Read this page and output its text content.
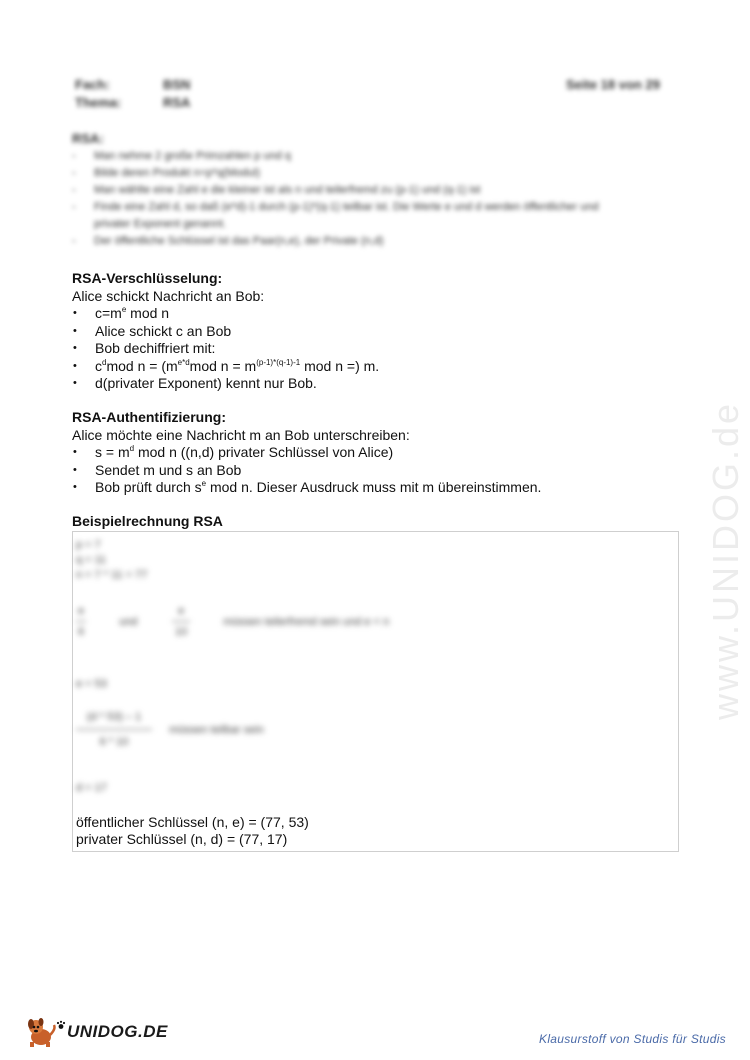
Fach:	BSN
Thema:	RSA
Seite 18 von 29
RSA:
- Man nehme 2 große Primzahlen p und q
- Bilde deren Produkt n=p*q(Modul)
- Man wählte eine Zahl e die kleiner ist als n und teilerfremd zu (p-1) und (q-1) ist
- Finde eine Zahl d, so daß (e*d)-1 durch (p-1)*(q-1) teilbar ist. Die Werte e und d werden öffentlicher und privater Exponent genannt.
- Der öffentliche Schlüssel ist das Paar(n,e), der Private (n,d)
RSA-Verschlüsselung:
Alice schickt Nachricht an Bob:
• $c=m^e$ mod n
• Alice schickt c an Bob
• Bob dechiffriert mit:
• $c^dmod$ $n = (m^{e*d}mod$ $n = m^{(p-1)*(q-1)-1}$ mod n =) m.
• d(privater Exponent) kennt nur Bob.
RSA-Authentifizierung:
Alice möchte eine Nachricht m an Bob unterschreiben:
• $s = m^d$ mod n ((n,d) privater Schlüssel von Alice)
• Sendet m und s an Bob
• Bob prüft durch $s^e$ mod n. Dieser Ausdruck muss mit m übereinstimmen.
Beispielrechnung RSA
p = 7
q = 11
n = 7 * 11 = 77
$\frac{e}{6}$	und	$\frac{e}{10}$	müssen teilerfremd sein und e < n
e = 53
$\frac{(d * 53) - 1}{6 * 10}$ müssen teilbar sein
d = 17
öffentlicher Schlüssel (n, e) = (77, 53)
privater Schlüssel (n, d) = (77, 17)
www.UNIDOG.de
UNIDOG.DE	Klausurstoff von Studis für Studis
